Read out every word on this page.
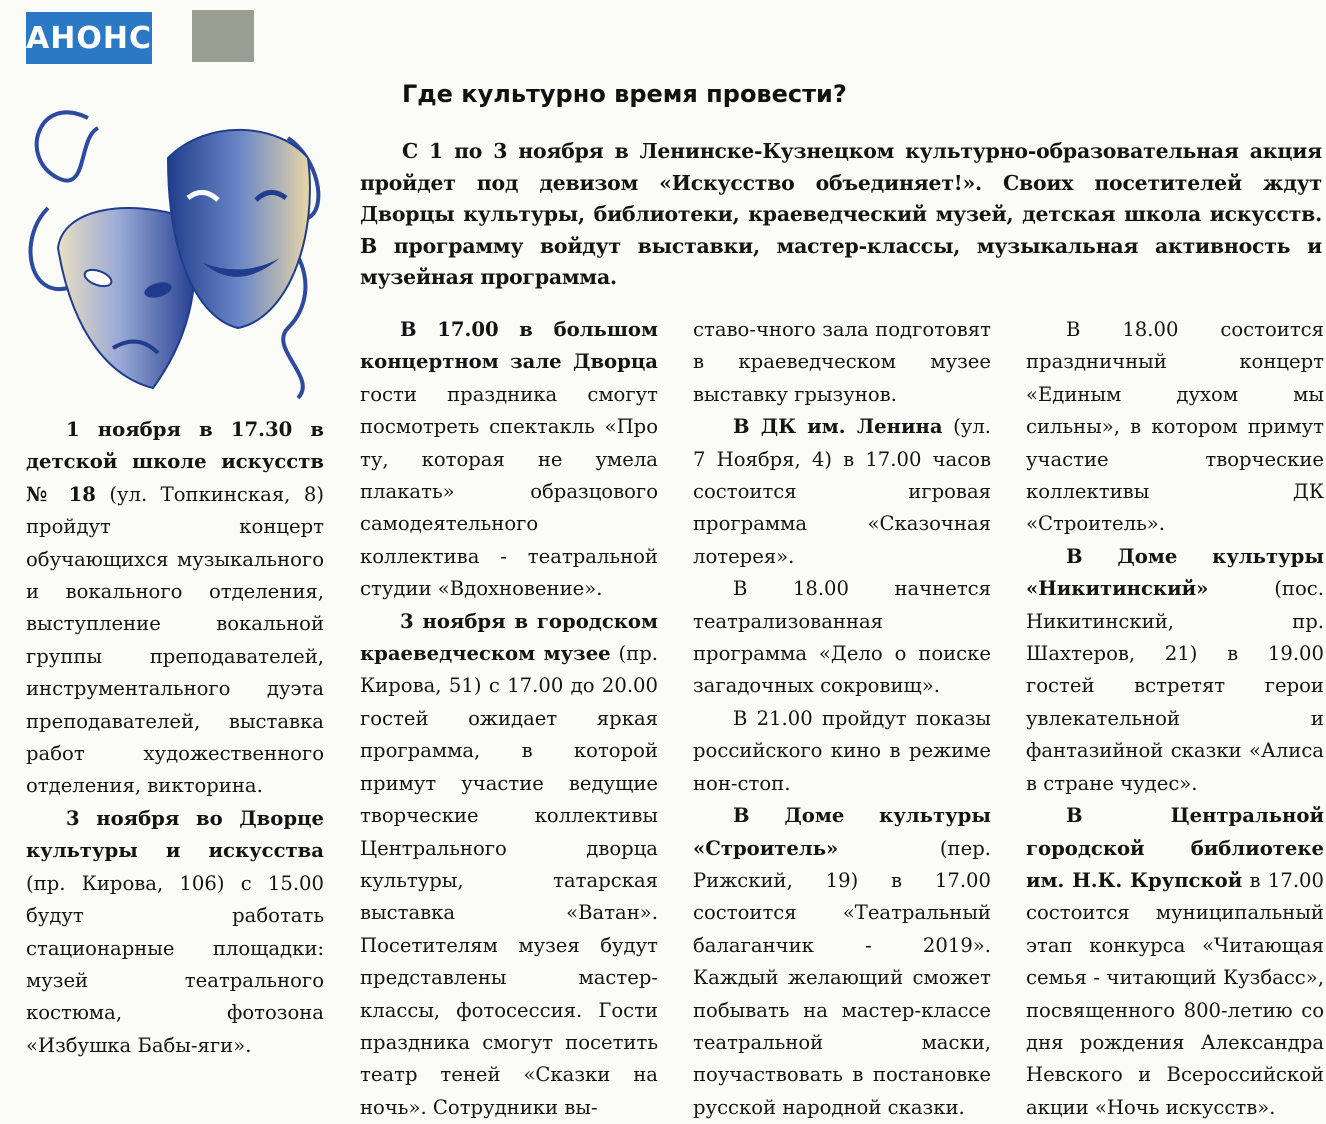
АНОНС
Где культурно время провести?

С 1 по 3 ноября в Ленинске-Кузнецком культурно-образовательная акция пройдет под девизом «Искусство объединяет!». Своих посетителей ждут Дворцы культуры, библиотеки, краеведческий музей, детская школа искусств. В программу войдут выставки, мастер-классы, музыкальная активность и музейная программа.

1 ноября в 17.30 в детской школе искусств № 18 (ул. Топкинская, 8) пройдут концерт обучающихся музыкального и вокального отделения, выступление вокальной группы преподавателей, инструментального дуэта преподавателей, выставка работ художественного отделения, викторина.

3 ноября во Дворце культуры и искусства (пр. Кирова, 106) с 15.00 будут работать стационарные площадки: музей театрального костюма, фотозона «Избушка Бабы-яги».

В 17.00 в большом концертном зале Дворца гости праздника смогут посмотреть спектакль «Про ту, которая не умела плакать» образцового самодеятельного коллектива - театральной студии «Вдохновение».

3 ноября в городском краеведческом музее (пр. Кирова, 51) с 17.00 до 20.00 гостей ожидает яркая программа, в которой примут участие ведущие творческие коллективы Центрального дворца культуры, татарская выставка «Ватан». Посетителям музея будут представлены мастер-классы, фотосессия. Гости праздника смогут посетить театр теней «Сказки на ночь». Сотрудники вы-

ставо-чного зала подготовят в краеведческом музее выставку грызунов.

В ДК им. Ленина (ул. 7 Ноября, 4) в 17.00 часов состоится игровая программа «Сказочная лотерея».

В 18.00 начнется театрализованная программа «Дело о поиске загадочных сокровищ».

В 21.00 пройдут показы российского кино в режиме нон-стоп.

В Доме культуры «Строитель» (пер. Рижский, 19) в 17.00 состоится «Театральный балаганчик - 2019». Каждый желающий сможет побывать на мастер-классе театральной маски, поучаствовать в постановке русской народной сказки.

В 18.00 состоится праздничный концерт «Единым духом мы сильны», в котором примут участие творческие коллективы ДК «Строитель».

В Доме культуры «Никитинский» (пос. Никитинский, пр. Шахтеров, 21) в 19.00 гостей встретят герои увлекательной и фантазийной сказки «Алиса в стране чудес».

В Центральной городской библиотеке им. Н.К. Крупской в 17.00 состоится муниципальный этап конкурса «Читающая семья - читающий Кузбасс», посвященного 800-летию со дня рождения Александра Невского и Всероссийской акции «Ночь искусств».
